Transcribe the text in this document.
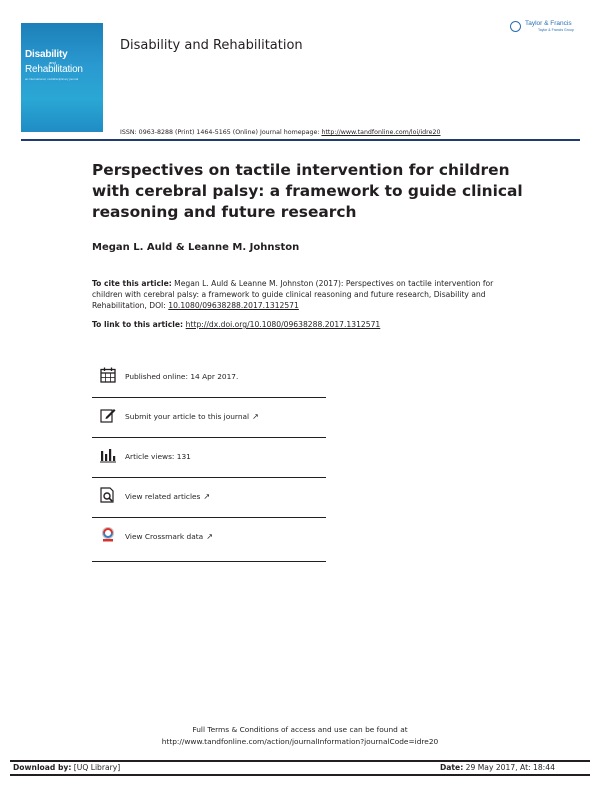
Disability
and
Rehabilitation
an international, multidisciplinary journal
Disability and Rehabilitation
Taylor & Francis
Taylor & Francis Group
ISSN: 0963-8288 (Print) 1464-5165 (Online) Journal homepage: http://www.tandfonline.com/loi/idre20
Perspectives on tactile intervention for children with cerebral palsy: a framework to guide clinical reasoning and future research
Megan L. Auld & Leanne M. Johnston
To cite this article: Megan L. Auld & Leanne M. Johnston (2017): Perspectives on tactile intervention for children with cerebral palsy: a framework to guide clinical reasoning and future research, Disability and Rehabilitation, DOI: 10.1080/09638288.2017.1312571
To link to this article: http://dx.doi.org/10.1080/09638288.2017.1312571
Published online: 14 Apr 2017.
Submit your article to this journal ↗
Article views: 131
View related articles ↗
View Crossmark data ↗
Full Terms & Conditions of access and use can be found at
http://www.tandfonline.com/action/journalInformation?journalCode=idre20
Download by: [UQ Library]	Date: 29 May 2017, At: 18:44
